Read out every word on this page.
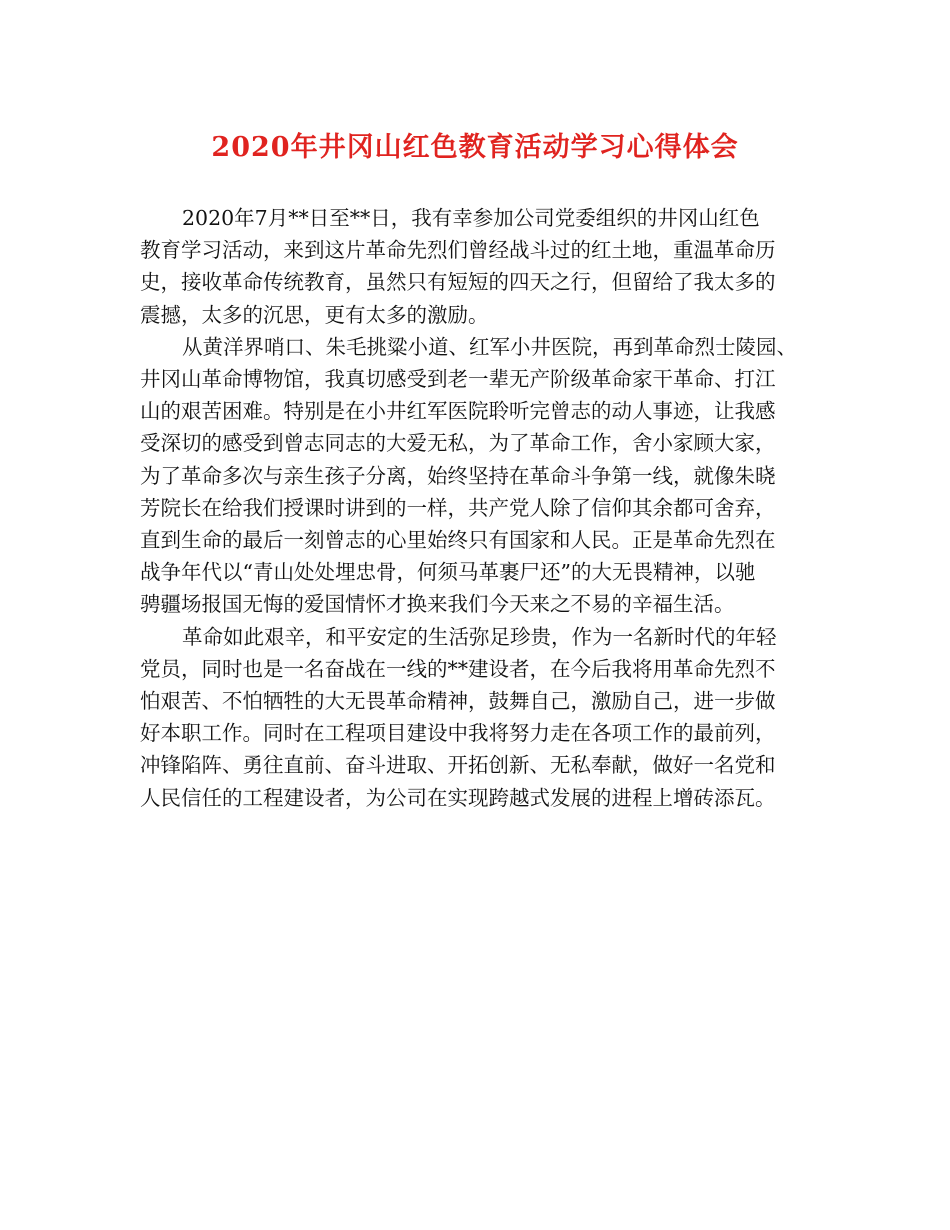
2020年井冈山红色教育活动学习心得体会

2020年7月**日至**日，我有幸参加公司党委组织的井冈山红色
教育学习活动，来到这片革命先烈们曾经战斗过的红土地，重温革命历
史，接收革命传统教育，虽然只有短短的四天之行，但留给了我太多的
震撼，太多的沉思，更有太多的激励。

从黄洋界哨口、朱毛挑粱小道、红军小井医院，再到革命烈士陵园、
井冈山革命博物馆，我真切感受到老一辈无产阶级革命家干革命、打江
山的艰苦困难。特别是在小井红军医院聆听完曾志的动人事迹，让我感
受深切的感受到曾志同志的大爱无私，为了革命工作，舍小家顾大家，
为了革命多次与亲生孩子分离，始终坚持在革命斗争第一线，就像朱晓
芳院长在给我们授课时讲到的一样，共产党人除了信仰其余都可舍弃，
直到生命的最后一刻曾志的心里始终只有国家和人民。正是革命先烈在
战争年代以“青山处处埋忠骨，何须马革裹尸还”的大无畏精神，以驰
骋疆场报国无悔的爱国情怀才换来我们今天来之不易的辛福生活。

革命如此艰辛，和平安定的生活弥足珍贵，作为一名新时代的年轻
党员，同时也是一名奋战在一线的**建设者，在今后我将用革命先烈不
怕艰苦、不怕牺牲的大无畏革命精神，鼓舞自己，激励自己，进一步做
好本职工作。同时在工程项目建设中我将努力走在各项工作的最前列，
冲锋陷阵、勇往直前、奋斗进取、开拓创新、无私奉献，做好一名党和
人民信任的工程建设者，为公司在实现跨越式发展的进程上增砖添瓦。
